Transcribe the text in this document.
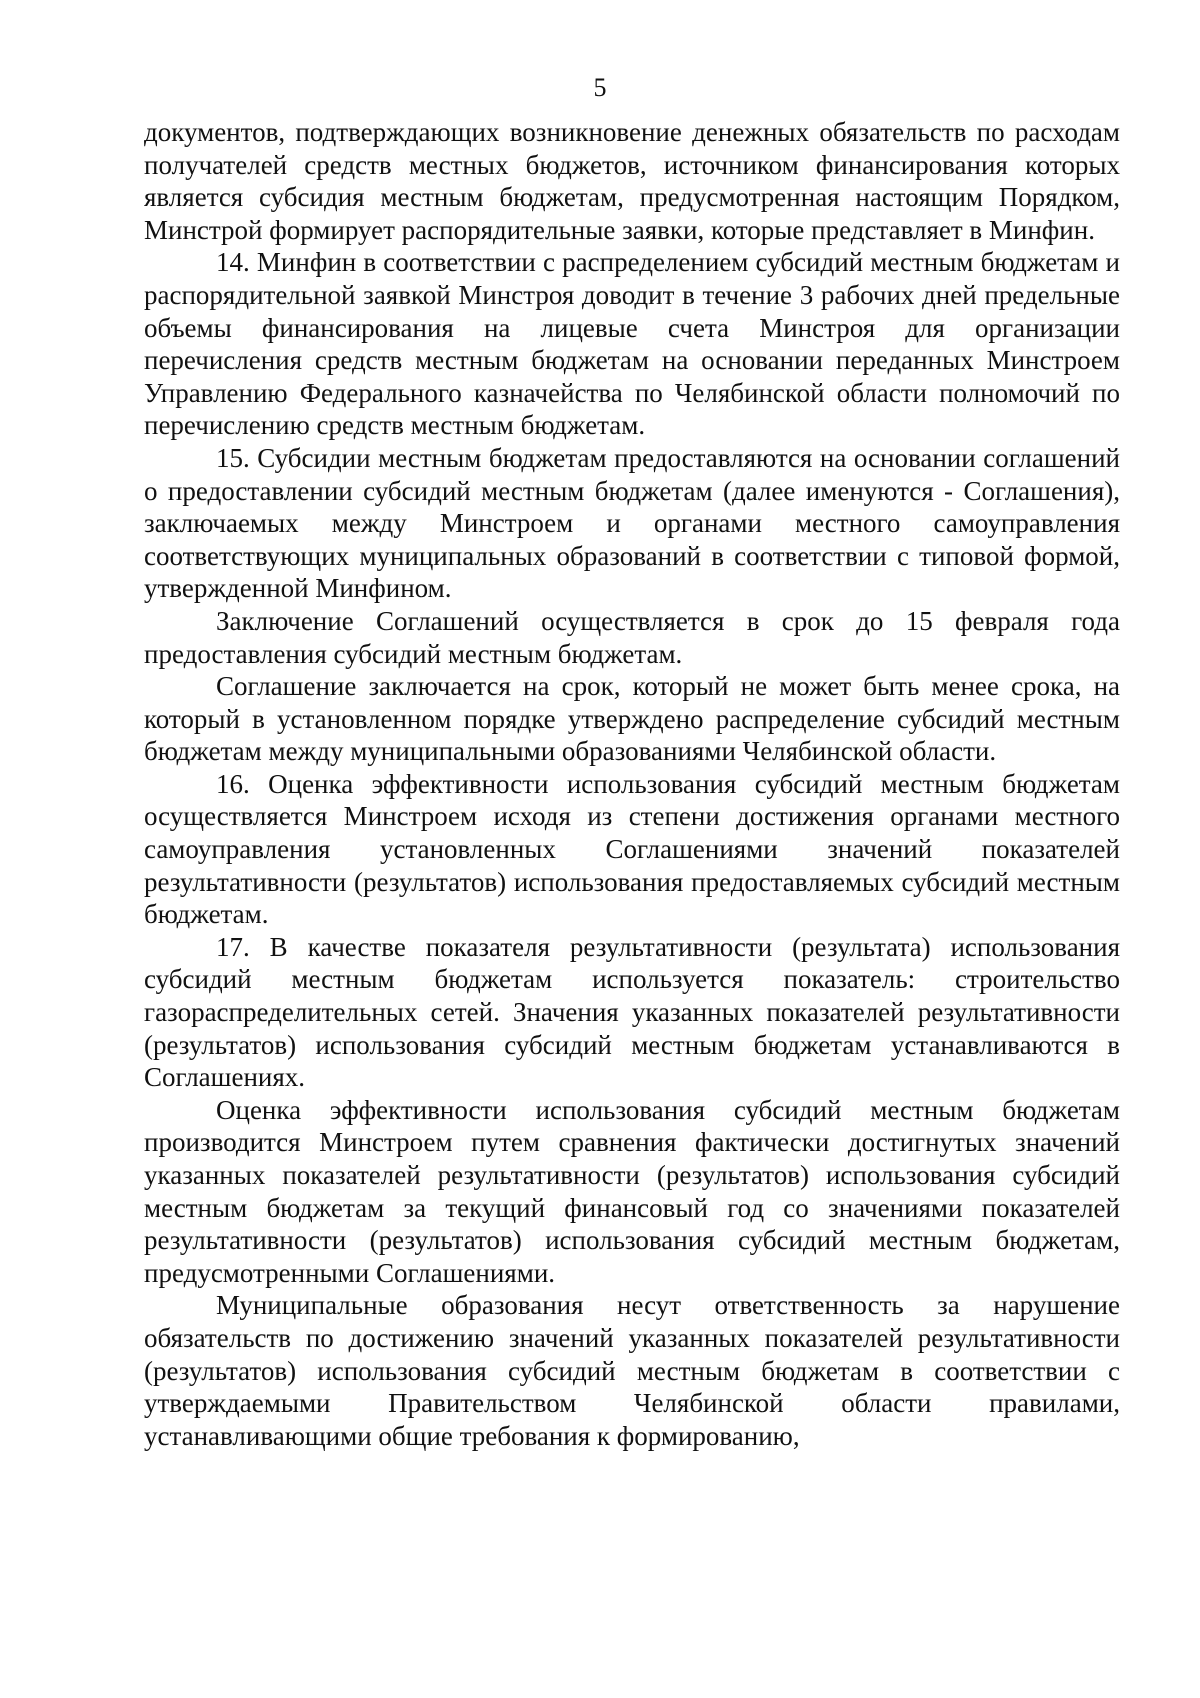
5

документов, подтверждающих возникновение денежных обязательств по расходам получателей средств местных бюджетов, источником финансирования которых является субсидия местным бюджетам, предусмотренная настоящим Порядком, Минстрой формирует распорядительные заявки, которые представляет в Минфин.

14. Минфин в соответствии с распределением субсидий местным бюджетам и распорядительной заявкой Минстроя доводит в течение 3 рабочих дней предельные объемы финансирования на лицевые счета Минстроя для организации перечисления средств местным бюджетам на основании переданных Минстроем Управлению Федерального казначейства по Челябинской области полномочий по перечислению средств местным бюджетам.

15. Субсидии местным бюджетам предоставляются на основании соглашений о предоставлении субсидий местным бюджетам (далее именуются - Соглашения), заключаемых между Минстроем и органами местного самоуправления соответствующих муниципальных образований в соответствии с типовой формой, утвержденной Минфином.

Заключение Соглашений осуществляется в срок до 15 февраля года предоставления субсидий местным бюджетам.

Соглашение заключается на срок, который не может быть менее срока, на который в установленном порядке утверждено распределение субсидий местным бюджетам между муниципальными образованиями Челябинской области.

16. Оценка эффективности использования субсидий местным бюджетам осуществляется Минстроем исходя из степени достижения органами местного самоуправления установленных Соглашениями значений показателей результативности (результатов) использования предоставляемых субсидий местным бюджетам.

17. В качестве показателя результативности (результата) использования субсидий местным бюджетам используется показатель: строительство газораспределительных сетей. Значения указанных показателей результативности (результатов) использования субсидий местным бюджетам устанавливаются в Соглашениях.

Оценка эффективности использования субсидий местным бюджетам производится Минстроем путем сравнения фактически достигнутых значений указанных показателей результативности (результатов) использования субсидий местным бюджетам за текущий финансовый год со значениями показателей результативности (результатов) использования субсидий местным бюджетам, предусмотренными Соглашениями.

Муниципальные образования несут ответственность за нарушение обязательств по достижению значений указанных показателей результативности (результатов) использования субсидий местным бюджетам в соответствии с утверждаемыми Правительством Челябинской области правилами, устанавливающими общие требования к формированию,
